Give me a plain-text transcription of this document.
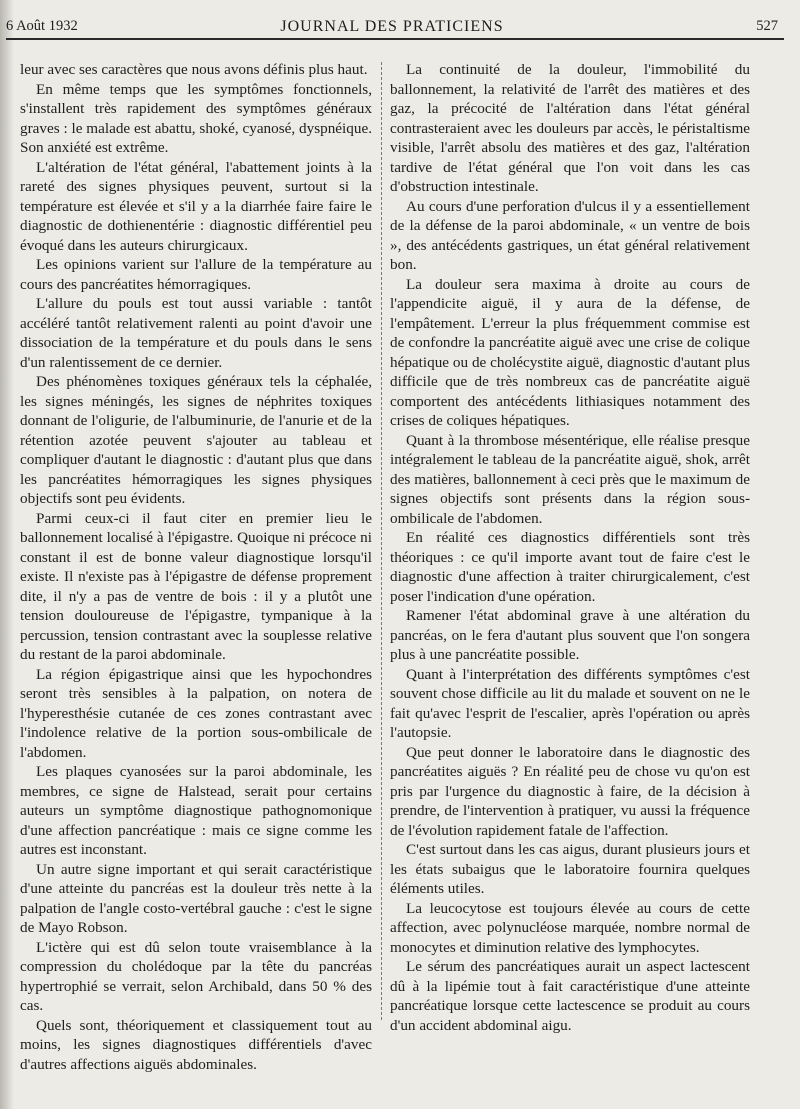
6 Août 1932	JOURNAL DES PRATICIENS	527

leur avec ses caractères que nous avons définis plus haut.

En même temps que les symptômes fonctionnels, s'installent très rapidement des symptômes généraux graves : le malade est abattu, shoké, cyanosé, dyspnéique. Son anxiété est extrême.

L'altération de l'état général, l'abattement joints à la rareté des signes physiques peuvent, surtout si la température est élevée et s'il y a la diarrhée faire faire le diagnostic de dothienentérie : diagnostic différentiel peu évoqué dans les auteurs chirurgicaux.

Les opinions varient sur l'allure de la température au cours des pancréatites hémorragiques.

L'allure du pouls est tout aussi variable : tantôt accéléré tantôt relativement ralenti au point d'avoir une dissociation de la température et du pouls dans le sens d'un ralentissement de ce dernier.

Des phénomènes toxiques généraux tels la céphalée, les signes méningés, les signes de néphrites toxiques donnant de l'oligurie, de l'albuminurie, de l'anurie et de la rétention azotée peuvent s'ajouter au tableau et compliquer d'autant le diagnostic : d'autant plus que dans les pancréatites hémorragiques les signes physiques objectifs sont peu évidents.

Parmi ceux-ci il faut citer en premier lieu le ballonnement localisé à l'épigastre. Quoique ni précoce ni constant il est de bonne valeur diagnostique lorsqu'il existe. Il n'existe pas à l'épigastre de défense proprement dite, il n'y a pas de ventre de bois : il y a plutôt une tension douloureuse de l'épigastre, tympanique à la percussion, tension contrastant avec la souplesse relative du restant de la paroi abdominale.

La région épigastrique ainsi que les hypochondres seront très sensibles à la palpation, on notera de l'hyperesthésie cutanée de ces zones contrastant avec l'indolence relative de la portion sous-ombilicale de l'abdomen.

Les plaques cyanosées sur la paroi abdominale, les membres, ce signe de Halstead, serait pour certains auteurs un symptôme diagnostique pathognomonique d'une affection pancréatique : mais ce signe comme les autres est inconstant.

Un autre signe important et qui serait caractéristique d'une atteinte du pancréas est la douleur très nette à la palpation de l'angle costo-vertébral gauche : c'est le signe de Mayo Robson.

L'ictère qui est dû selon toute vraisemblance à la compression du cholédoque par la tête du pancréas hypertrophié se verrait, selon Archibald, dans 50 % des cas.

Quels sont, théoriquement et classiquement tout au moins, les signes diagnostiques différentiels d'avec d'autres affections aiguës abdominales.

La continuité de la douleur, l'immobilité du ballonnement, la relativité de l'arrêt des matières et des gaz, la précocité de l'altération dans l'état général contrasteraient avec les douleurs par accès, le péristaltisme visible, l'arrêt absolu des matières et des gaz, l'altération tardive de l'état général que l'on voit dans les cas d'obstruction intestinale.

Au cours d'une perforation d'ulcus il y a essentiellement de la défense de la paroi abdominale, « un ventre de bois », des antécédents gastriques, un état général relativement bon.

La douleur sera maxima à droite au cours de l'appendicite aiguë, il y aura de la défense, de l'empâtement. L'erreur la plus fréquemment commise est de confondre la pancréatite aiguë avec une crise de colique hépatique ou de cholécystite aiguë, diagnostic d'autant plus difficile que de très nombreux cas de pancréatite aiguë comportent des antécédents lithiasiques notamment des crises de coliques hépatiques.

Quant à la thrombose mésentérique, elle réalise presque intégralement le tableau de la pancréatite aiguë, shok, arrêt des matières, ballonnement à ceci près que le maximum de signes objectifs sont présents dans la région sous-ombilicale de l'abdomen.

En réalité ces diagnostics différentiels sont très théoriques : ce qu'il importe avant tout de faire c'est le diagnostic d'une affection à traiter chirurgicalement, c'est poser l'indication d'une opération.

Ramener l'état abdominal grave à une altération du pancréas, on le fera d'autant plus souvent que l'on songera plus à une pancréatite possible.

Quant à l'interprétation des différents symptômes c'est souvent chose difficile au lit du malade et souvent on ne le fait qu'avec l'esprit de l'escalier, après l'opération ou après l'autopsie.

Que peut donner le laboratoire dans le diagnostic des pancréatites aiguës ? En réalité peu de chose vu qu'on est pris par l'urgence du diagnostic à faire, de la décision à prendre, de l'intervention à pratiquer, vu aussi la fréquence de l'évolution rapidement fatale de l'affection.

C'est surtout dans les cas aigus, durant plusieurs jours et les états subaigus que le laboratoire fournira quelques éléments utiles.

La leucocytose est toujours élevée au cours de cette affection, avec polynucléose marquée, nombre normal de monocytes et diminution relative des lymphocytes.

Le sérum des pancréatiques aurait un aspect lactescent dû à la lipémie tout à fait caractéristique d'une atteinte pancréatique lorsque cette lactescence se produit au cours d'un accident abdominal aigu.
